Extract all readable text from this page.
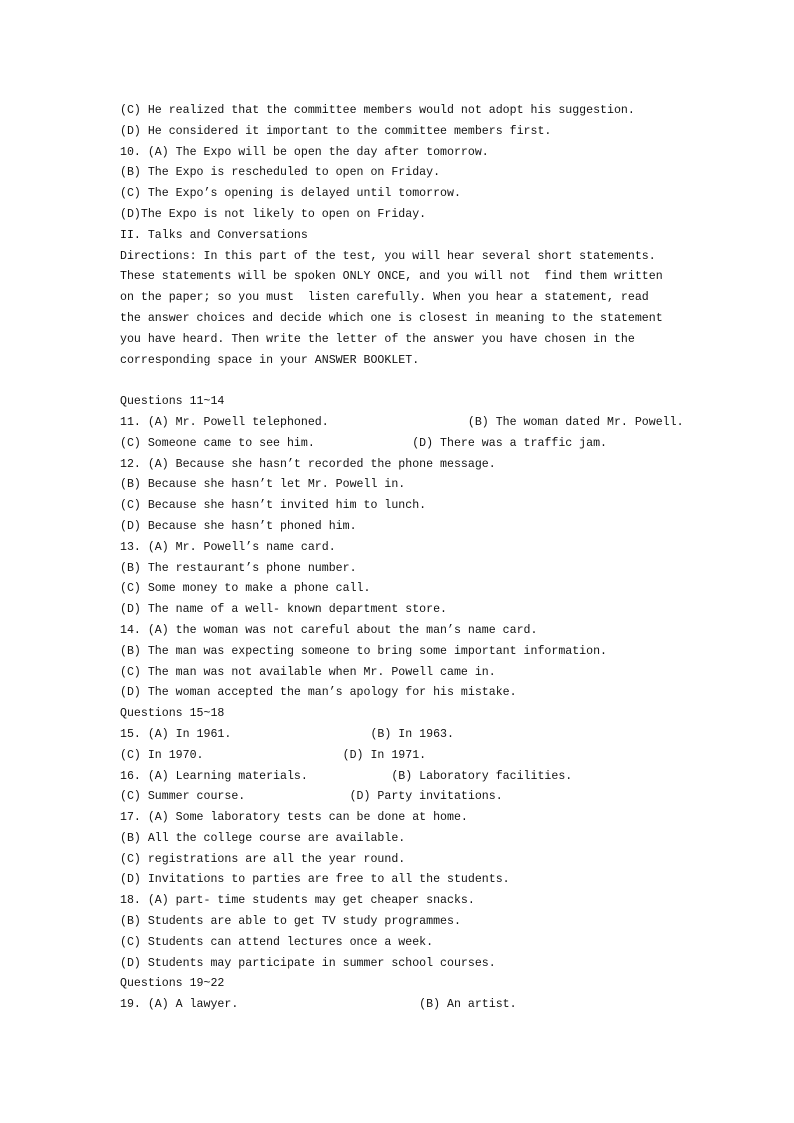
(C) He realized that the committee members would not adopt his suggestion.
(D) He considered it important to the committee members first.
10. (A) The Expo will be open the day after tomorrow.
(B) The Expo is rescheduled to open on Friday.
(C) The Expo’s opening is delayed until tomorrow.
(D)The Expo is not likely to open on Friday.
II. Talks and Conversations
Directions: In this part of the test, you will hear several short statements.
These statements will be spoken ONLY ONCE, and you will not  find them written
on the paper; so you must  listen carefully. When you hear a statement, read
the answer choices and decide which one is closest in meaning to the statement
you have heard. Then write the letter of the answer you have chosen in the
corresponding space in your ANSWER BOOKLET.
Questions 11~14
11. (A) Mr. Powell telephoned.                    (B) The woman dated Mr. Powell.
(C) Someone came to see him.              (D) There was a traffic jam.
12. (A) Because she hasn’t recorded the phone message.
(B) Because she hasn’t let Mr. Powell in.
(C) Because she hasn’t invited him to lunch.
(D) Because she hasn’t phoned him.
13. (A) Mr. Powell’s name card.
(B) The restaurant’s phone number.
(C) Some money to make a phone call.
(D) The name of a well- known department store.
14. (A) the woman was not careful about the man’s name card.
(B) The man was expecting someone to bring some important information.
(C) The man was not available when Mr. Powell came in.
(D) The woman accepted the man’s apology for his mistake.
Questions 15~18
15. (A) In 1961.                    (B) In 1963.
(C) In 1970.                    (D) In 1971.
16. (A) Learning materials.            (B) Laboratory facilities.
(C) Summer course.               (D) Party invitations.
17. (A) Some laboratory tests can be done at home.
(B) All the college course are available.
(C) registrations are all the year round.
(D) Invitations to parties are free to all the students.
18. (A) part- time students may get cheaper snacks.
(B) Students are able to get TV study programmes.
(C) Students can attend lectures once a week.
(D) Students may participate in summer school courses.
Questions 19~22
19. (A) A lawyer.                          (B) An artist.
